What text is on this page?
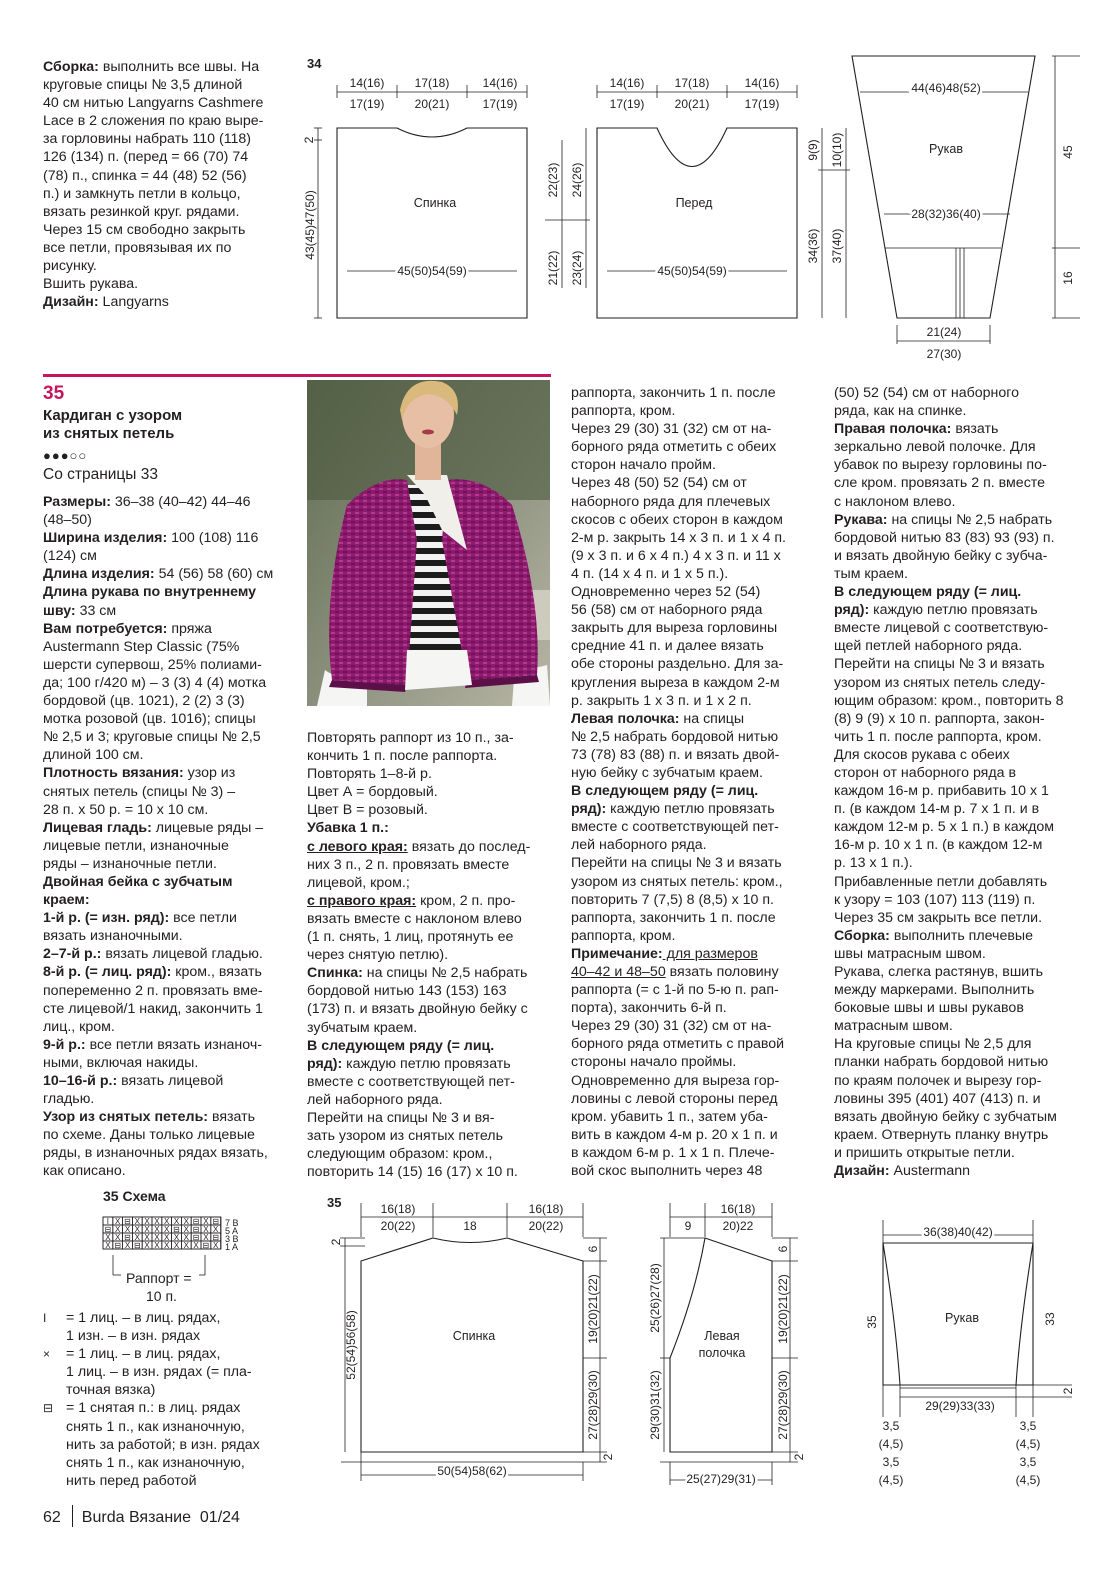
Сборка: выполнить все швы. На

круговые спицы № 3,5 длиной

40 см нитью Langyarns Cashmere

Lace в 2 сложения по краю выре-

за горловины набрать 110 (118)

126 (134) п. (перед = 66 (70) 74

(78) п., спинка = 44 (48) 52 (56)

п.) и замкнуть петли в кольцо,

вязать резинкой круг. рядами.

Через 15 см свободно закрыть

все петли, провязывая их по

рисунку.

Вшить рукава.

Дизайн: Langyarns

34
14(16)	17(18)	14(16)
17(19)	20(21)	17(19)
2
43(45)47(50)	Спинка
45(50)54(59)
22(23) 24(26)
21(22) 23(24)
14(16)	17(18)	14(16)
17(19)	20(21)	17(19)
Перед
45(50)54(59)
9(9) 10(10)
34(36) 37(40)
44(46)48(52)
Рукав
28(32)36(40)
45
16
21(24)
27(30)
35
Кардиган с узором
из снятых петель
●●●○○
Со страницы 33

Размеры: 36–38 (40–42) 44–46

(48–50)

Ширина изделия: 100 (108) 116

(124) см

Длина изделия: 54 (56) 58 (60) см

Длина рукава по внутреннему

шву: 33 см

Вам потребуется: пряжа

Austermann Step Classic (75%

шерсти супервош, 25% полиами-

да; 100 г/420 м) – 3 (3) 4 (4) мотка

бордовой (цв. 1021), 2 (2) 3 (3)

мотка розовой (цв. 1016); спицы

№ 2,5 и 3; круговые спицы № 2,5

длиной 100 см.

Плотность вязания: узор из

снятых петель (спицы № 3) –

28 п. х 50 р. = 10 х 10 см.

Лицевая гладь: лицевые ряды –

лицевые петли, изнаночные

ряды – изнаночные петли.

Двойная бейка с зубчатым

краем:

1-й р. (= изн. ряд): все петли

вязать изнаночными.

2–7-й р.: вязать лицевой гладью.

8-й р. (= лиц. ряд): кром., вязать

попеременно 2 п. провязать вме-

сте лицевой/1 накид, закончить 1

лиц., кром.

9-й р.: все петли вязать изнаноч-

ными, включая накиды.

10–16-й р.: вязать лицевой

гладью.

Узор из снятых петель: вязать

по схеме. Даны только лицевые

ряды, в изнаночных рядах вязать,

как описано.

Повторять раппорт из 10 п., за-

кончить 1 п. после раппорта.

Повторять 1–8-й р.

Цвет А = бордовый.

Цвет В = розовый.

Убавка 1 п.:

с левого края: вязать до послед-

них 3 п., 2 п. провязать вместе

лицевой, кром.;

с правого края: кром, 2 п. про-

вязать вместе с наклоном влево

(1 п. снять, 1 лиц, протянуть ее

через снятую петлю).

Спинка: на спицы № 2,5 набрать

бордовой нитью 143 (153) 163

(173) п. и вязать двойную бейку с

зубчатым краем.

В следующем ряду (= лиц.

ряд): каждую петлю провязать

вместе с соответствующей пет-

лей наборного ряда.

Перейти на спицы № 3 и вя-

зать узором из снятых петель

следующим образом: кром.,

повторить 14 (15) 16 (17) х 10 п.

раппорта, закончить 1 п. после

раппорта, кром.

Через 29 (30) 31 (32) см от на-

борного ряда отметить с обеих

сторон начало пройм.

Через 48 (50) 52 (54) см от

наборного ряда для плечевых

скосов с обеих сторон в каждом

2-м р. закрыть 14 х 3 п. и 1 х 4 п.

(9 х 3 п. и 6 х 4 п.) 4 х 3 п. и 11 х

4 п. (14 х 4 п. и 1 х 5 п.).

Одновременно через 52 (54)

56 (58) см от наборного ряда

закрыть для выреза горловины

средние 41 п. и далее вязать

обе стороны раздельно. Для за-

кругления выреза в каждом 2-м

р. закрыть 1 х 3 п. и 1 х 2 п.

Левая полочка: на спицы

№ 2,5 набрать бордовой нитью

73 (78) 83 (88) п. и вязать двой-

ную бейку с зубчатым краем.

В следующем ряду (= лиц.

ряд): каждую петлю провязать

вместе с соответствующей пет-

лей наборного ряда.

Перейти на спицы № 3 и вязать

узором из снятых петель: кром.,

повторить 7 (7,5) 8 (8,5) х 10 п.

раппорта, закончить 1 п. после

раппорта, кром.

Примечание: для размеров

40–42 и 48–50 вязать половину

раппорта (= с 1-й по 5-ю п. рап-

порта), закончить 6-й п.

Через 29 (30) 31 (32) см от на-

борного ряда отметить с правой

стороны начало проймы.

Одновременно для выреза гор-

ловины с левой стороны перед

кром. убавить 1 п., затем уба-

вить в каждом 4-м р. 20 х 1 п. и

в каждом 6-м р. 1 х 1 п. Плече-

вой скос выполнить через 48

(50) 52 (54) см от наборного

ряда, как на спинке.

Правая полочка: вязать

зеркально левой полочке. Для

убавок по вырезу горловины по-

сле кром. провязать 2 п. вместе

с наклоном влево.

Рукава: на спицы № 2,5 набрать

бордовой нитью 83 (83) 93 (93) п.

и вязать двойную бейку с зубча-

тым краем.

В следующем ряду (= лиц.

ряд): каждую петлю провязать

вместе лицевой с соответствую-

щей петлей наборного ряда.

Перейти на спицы № 3 и вязать

узором из снятых петель следу-

ющим образом: кром., повторить 8

(8) 9 (9) х 10 п. раппорта, закон-

чить 1 п. после раппорта, кром.

Для скосов рукава с обеих

сторон от наборного ряда в

каждом 16-м р. прибавить 10 х 1

п. (в каждом 14-м р. 7 х 1 п. и в

каждом 12-м р. 5 х 1 п.) в каждом

16-м р. 10 х 1 п. (в каждом 12-м

р. 13 х 1 п.).

Прибавленные петли добавлять

к узору = 103 (107) 113 (119) п.

Через 35 см закрыть все петли.

Сборка: выполнить плечевые

швы матрасным швом.

Рукава, слегка растянув, вшить

между маркерами. Выполнить

боковые швы и швы рукавов

матрасным швом.

На круговые спицы № 2,5 для

планки набрать бордовой нитью

по краям полочек и вырезу гор-

ловины 395 (401) 407 (413) п. и

вязать двойную бейку с зубчатым

краем. Отвернуть планку внутрь

и пришить открытые петли.

Дизайн: Austermann

35 Схема
I X ⊟ X X X X X X ⊟ X ⊟
⊟ X X X X X X ⊟ X ⊟ X X
X X ⊟ X X X X X X ⊟ X ⊟
X ⊟ X ⊟ X X X X X X ⊟ X
7 B
5 A
3 B
1 A
Раппорт =
10 п.
I = 1 лиц. – в лиц. рядах,
1 изн. – в изн. рядах
× = 1 лиц. – в лиц. рядах,
1 лиц. – в изн. рядах (= пла-
точная вязка)
⊟ = 1 снятая п.: в лиц. рядах
снять 1 п., как изнаночную,
нить за работой; в изн. рядах
снять 1 п., как изнаночную,
нить перед работой
35	16(18)
20(22)	18
16(18)
20(22)
2
52(54)56(58)	Спинка
6
19(20)21(22)
27(28)29(30)
2
50(54)58(62)
9
16(18)
20)22
25(26)27(28)
29(30)31(32)
Левая
полочка
6
19(20)21(22)
27(28)29(30)
2
25(27)29(31)
36(38)40(42)
Рукав
35	33
2
29(29)33(33)
3,5
(4,5)
3,5
(4,5)
3,5
(4,5)
3,5
(4,5)
62 Burda Вязание 01/24
